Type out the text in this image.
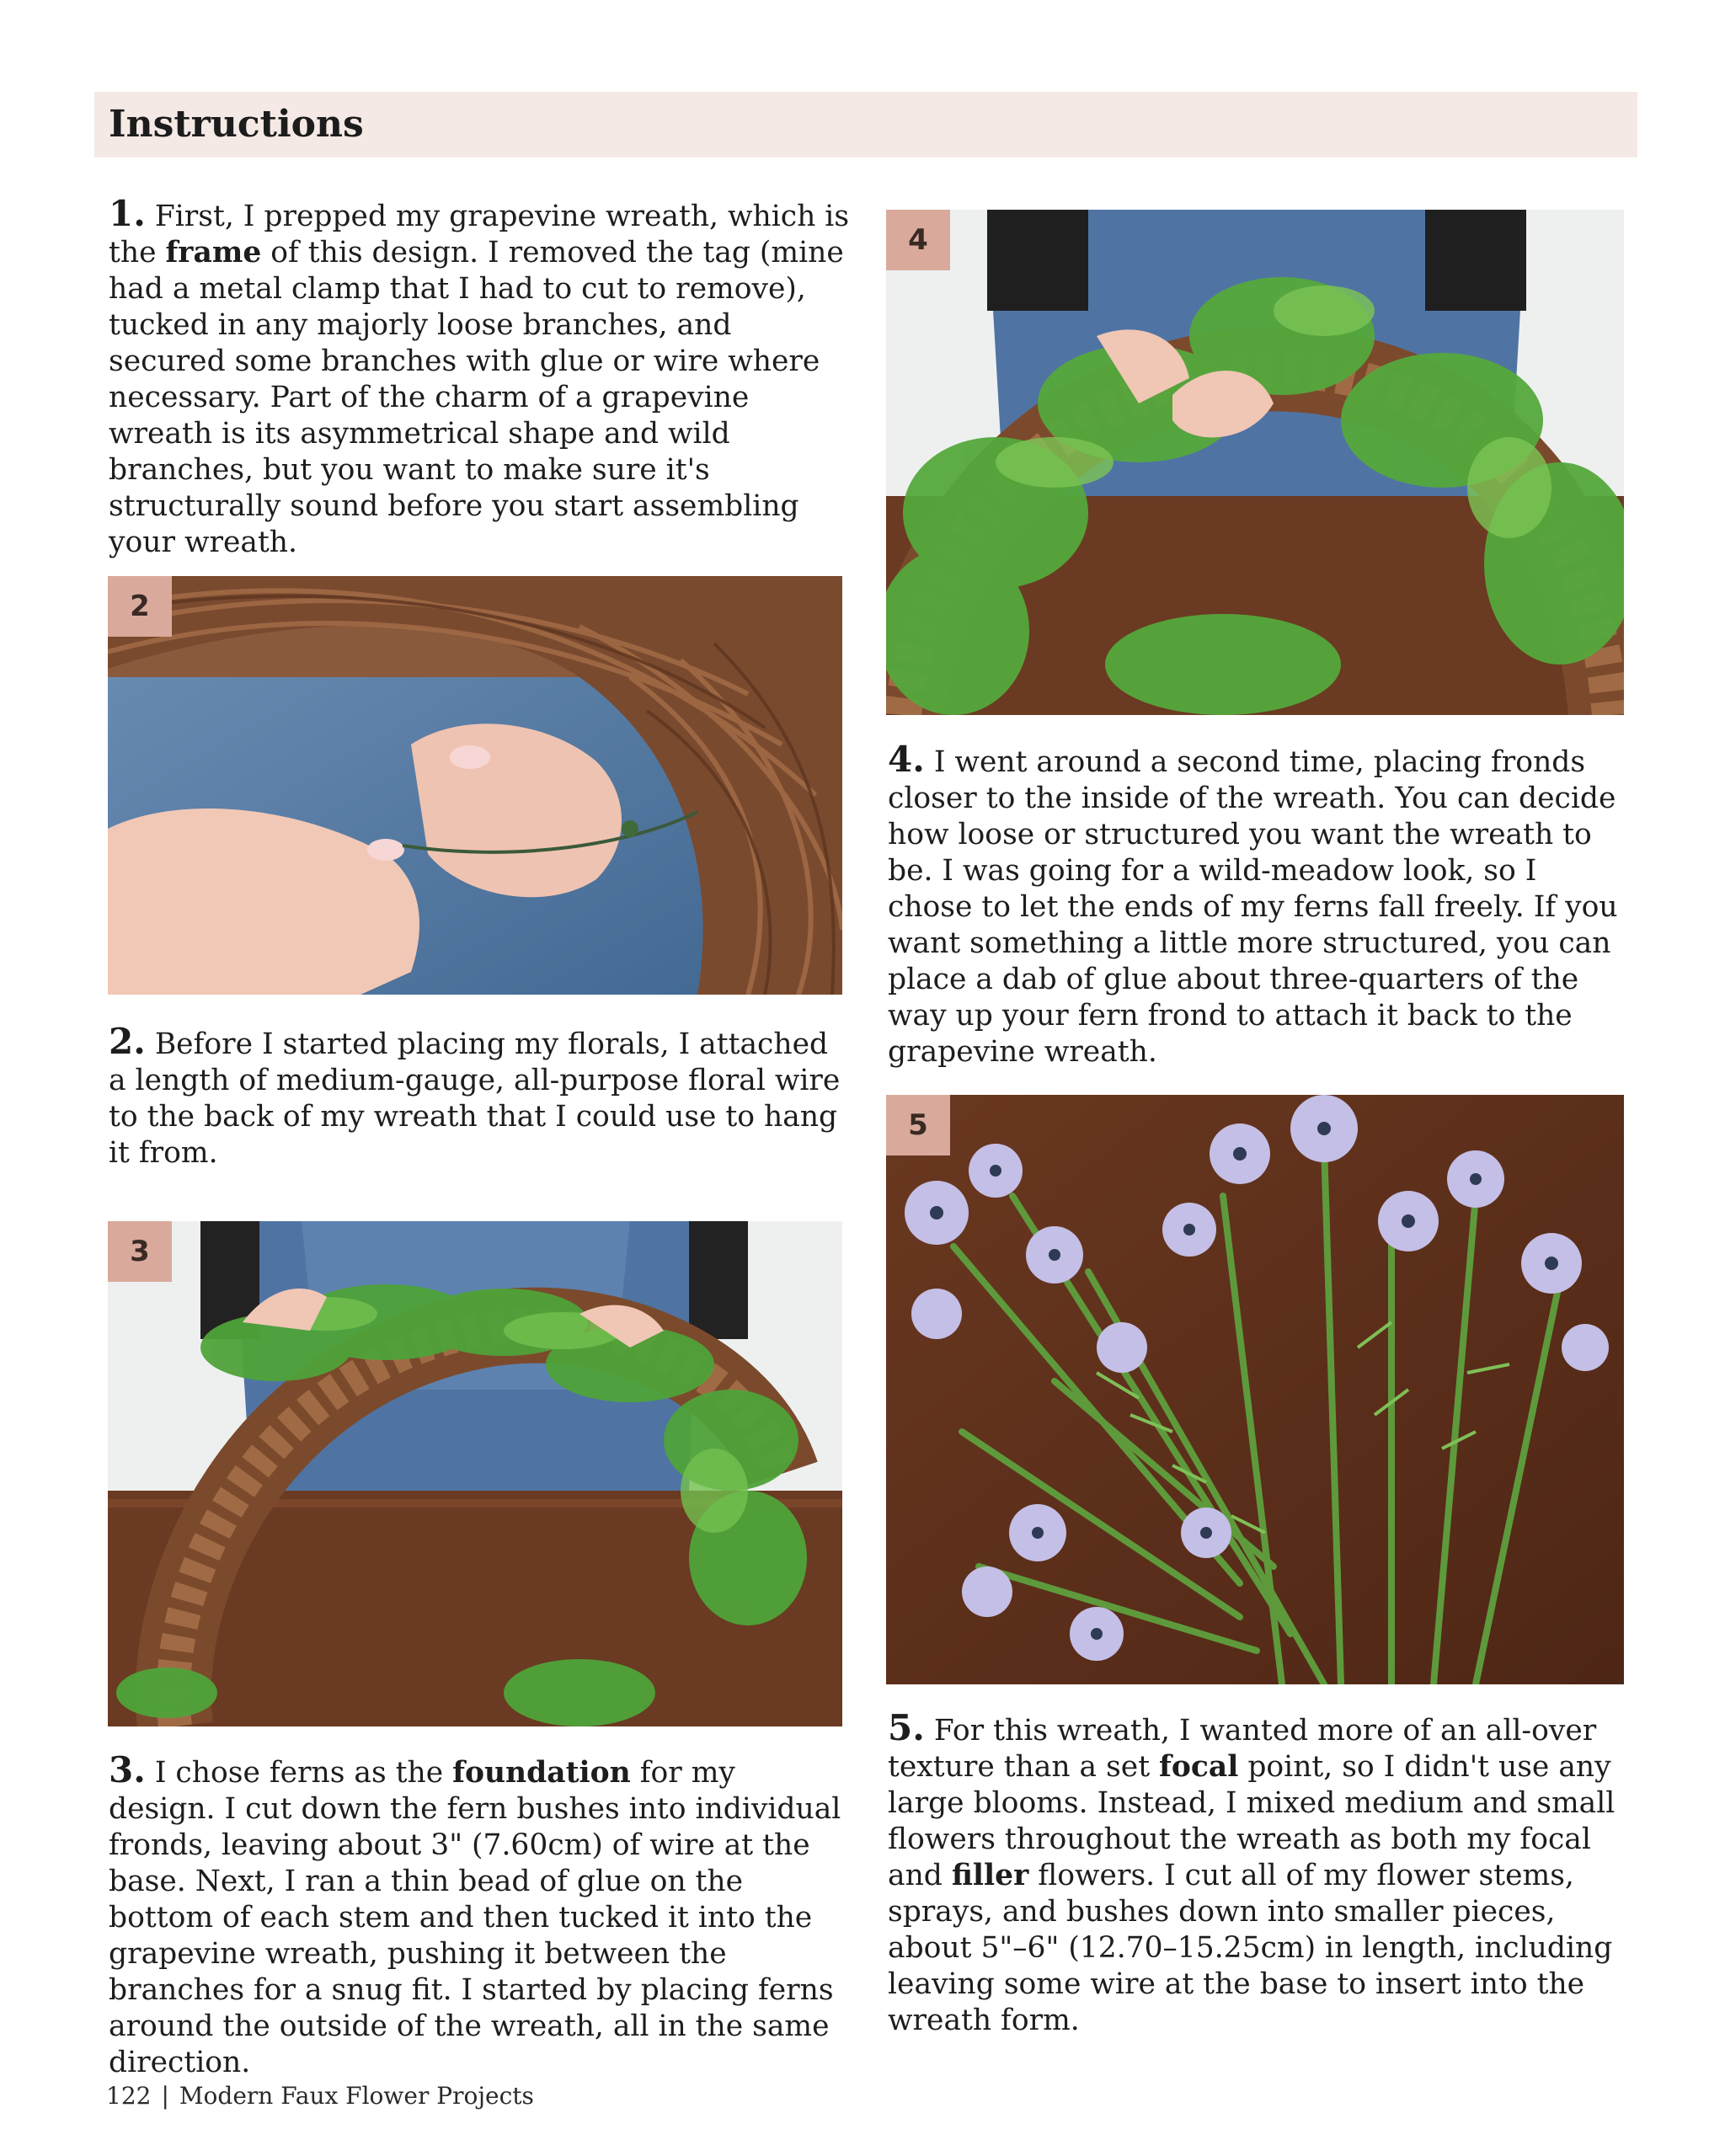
Instructions

1. First, I prepped my grapevine wreath, which is the frame of this design. I removed the tag (mine had a metal clamp that I had to cut to remove), tucked in any majorly loose branches, and secured some branches with glue or wire where necessary. Part of the charm of a grapevine wreath is its asymmetrical shape and wild branches, but you want to make sure it's structurally sound before you start assembling your wreath.

2

2. Before I started placing my florals, I attached a length of medium-gauge, all-purpose floral wire to the back of my wreath that I could use to hang it from.

3

3. I chose ferns as the foundation for my design. I cut down the fern bushes into individual fronds, leaving about 3" (7.60cm) of wire at the base. Next, I ran a thin bead of glue on the bottom of each stem and then tucked it into the grapevine wreath, pushing it between the branches for a snug fit. I started by placing ferns around the outside of the wreath, all in the same direction.

4

4. I went around a second time, placing fronds closer to the inside of the wreath. You can decide how loose or structured you want the wreath to be. I was going for a wild-meadow look, so I chose to let the ends of my ferns fall freely. If you want something a little more structured, you can place a dab of glue about three-quarters of the way up your fern frond to attach it back to the grapevine wreath.

5

5. For this wreath, I wanted more of an all-over texture than a set focal point, so I didn't use any large blooms. Instead, I mixed medium and small flowers throughout the wreath as both my focal and filler flowers. I cut all of my flower stems, sprays, and bushes down into smaller pieces, about 5"–6" (12.70–15.25cm) in length, including leaving some wire at the base to insert into the wreath form.

122 | Modern Faux Flower Projects
